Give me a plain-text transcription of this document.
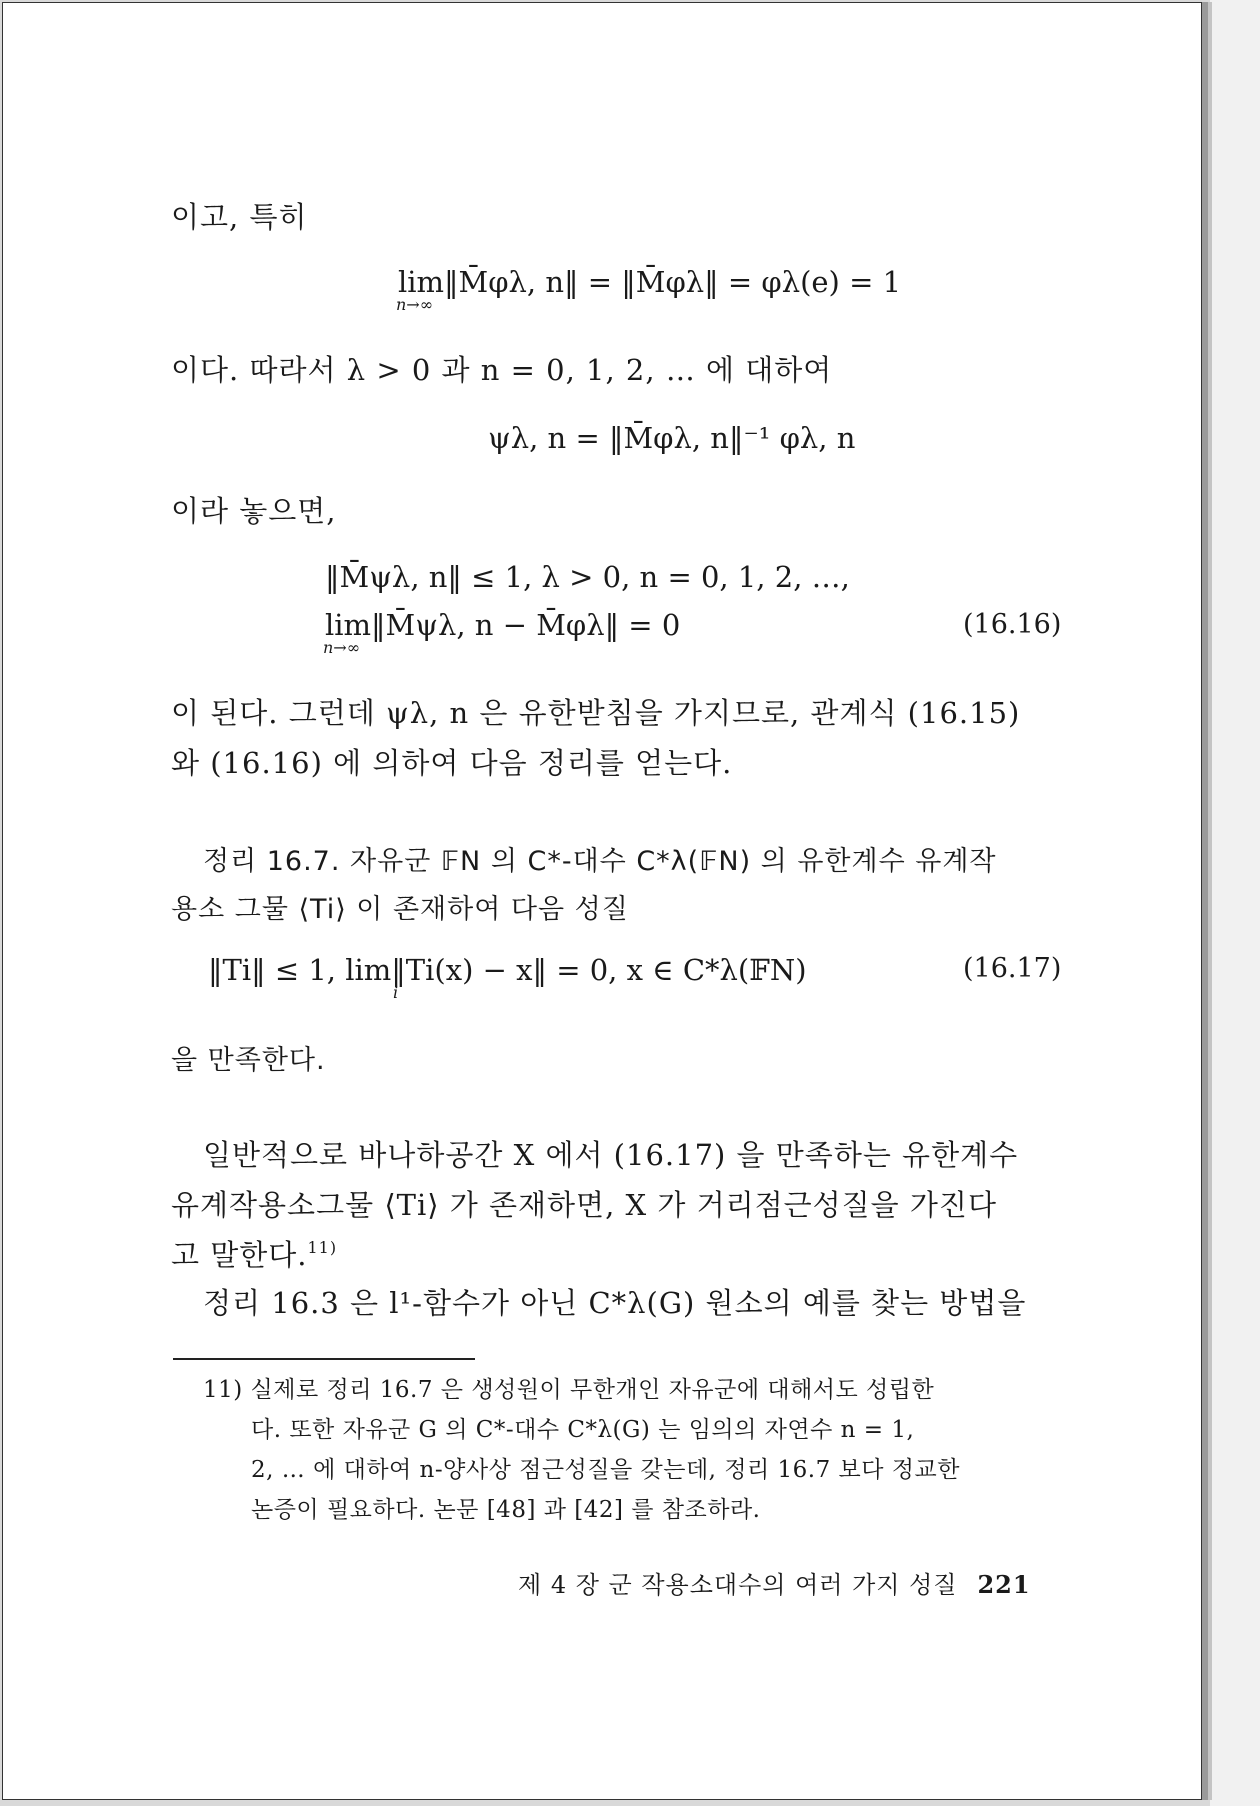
이고, 특히
lim‖M̄φλ, n‖ = ‖M̄φλ‖ = φλ(e) = 1
n→∞
이다. 따라서 λ > 0 과 n = 0, 1, 2, … 에 대하여
ψλ, n = ‖M̄φλ, n‖⁻¹ φλ, n
이라 놓으면,
‖M̄ψλ, n‖ ≤ 1, λ > 0, n = 0, 1, 2, …,
lim‖M̄ψλ, n − M̄φλ‖ = 0
n→∞
(16.16)
이 된다. 그런데 ψλ, n 은 유한받침을 가지므로, 관계식 (16.15)
와 (16.16) 에 의하여 다음 정리를 얻는다.
정리 16.7. 자유군 𝔽N 의 C*-대수 C*λ(𝔽N) 의 유한계수 유계작
용소 그물 ⟨Ti⟩ 이 존재하여 다음 성질
‖Ti‖ ≤ 1, lim‖Ti(x) − x‖ = 0, x ∈ C*λ(𝔽N)
i
(16.17)
을 만족한다.
일반적으로 바나하공간 X 에서 (16.17) 을 만족하는 유한계수
유계작용소그물 ⟨Ti⟩ 가 존재하면, X 가 거리점근성질을 가진다
고 말한다.$^{11)}$
정리 16.3 은 l¹-함수가 아닌 C*λ(G) 원소의 예를 찾는 방법을
11) 실제로 정리 16.7 은 생성원이 무한개인 자유군에 대해서도 성립한
다. 또한 자유군 G 의 C*-대수 C*λ(G) 는 임의의 자연수 n = 1,
2, … 에 대하여 n-양사상 점근성질을 갖는데, 정리 16.7 보다 정교한
논증이 필요하다. 논문 [48] 과 [42] 를 참조하라.
제 4 장 군 작용소대수의 여러 가지 성질 221
